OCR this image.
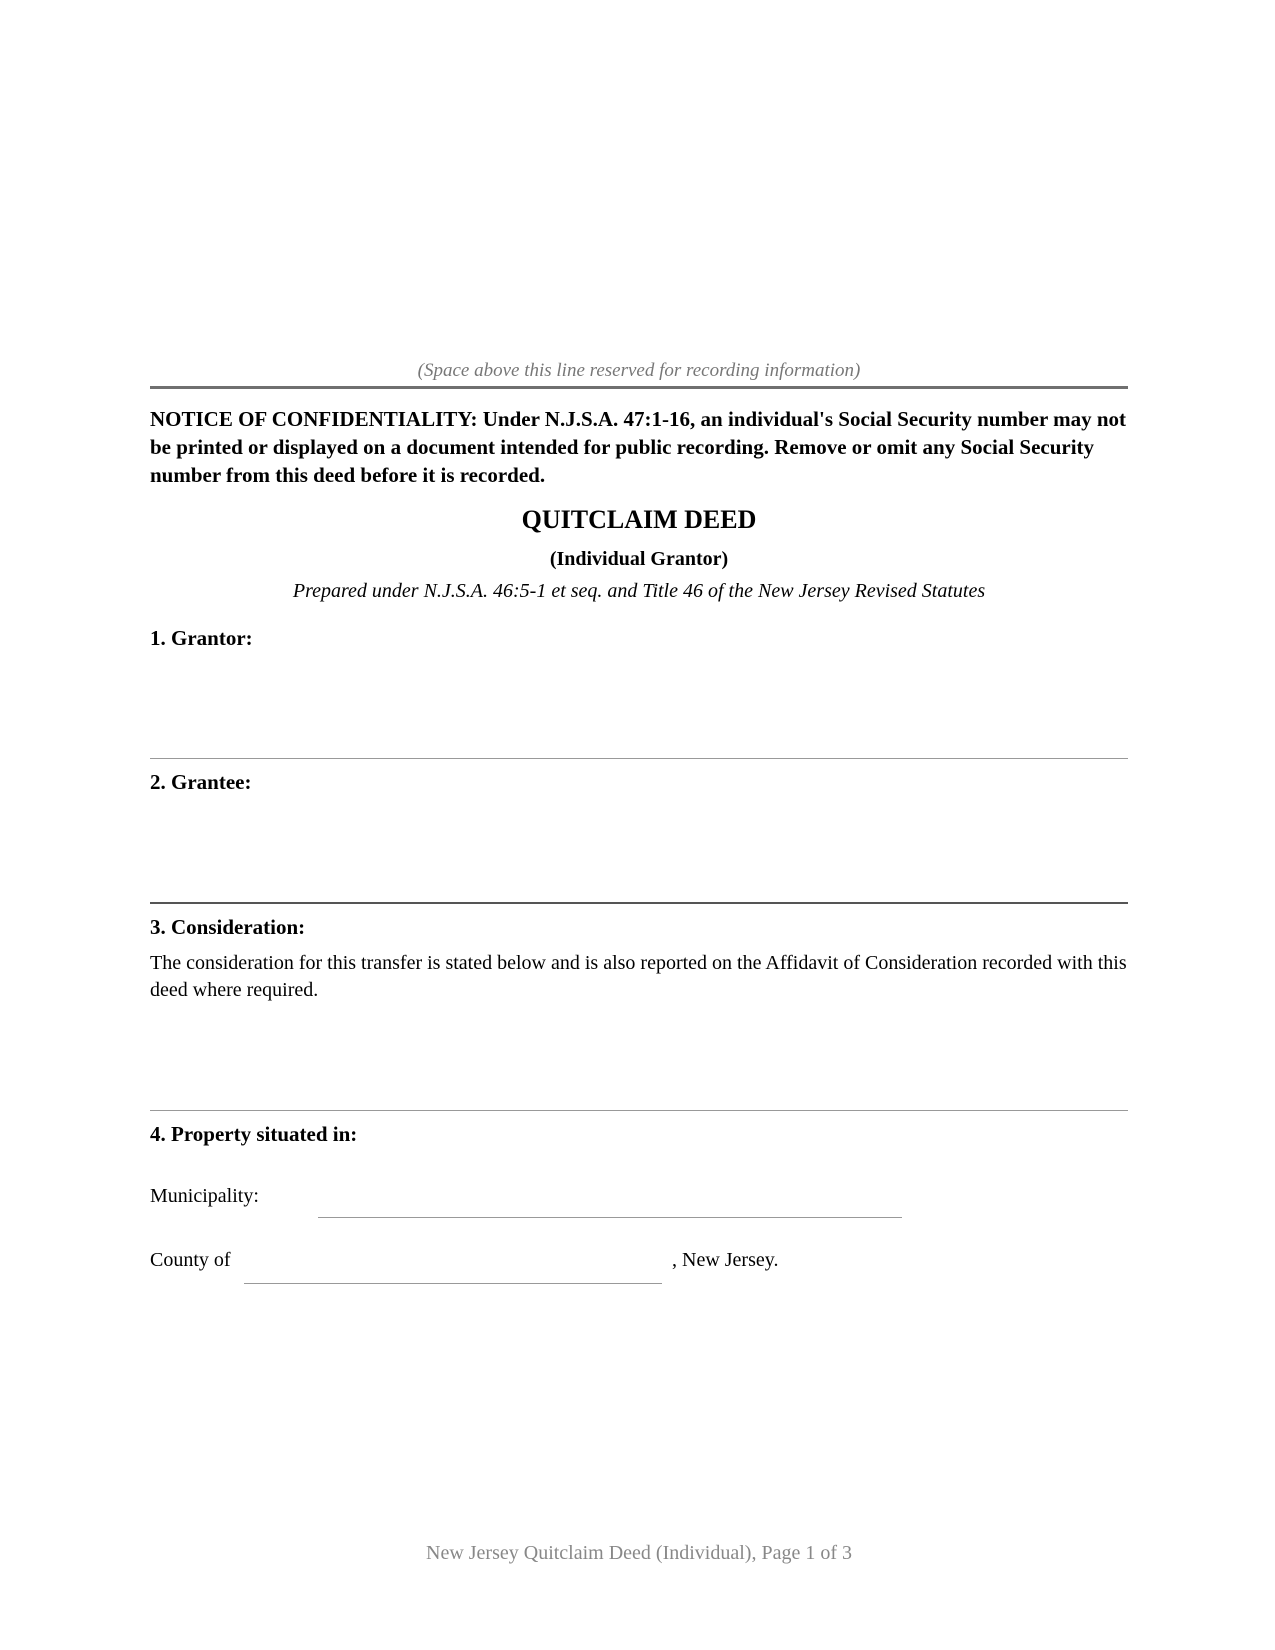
(Space above this line reserved for recording information)
NOTICE OF CONFIDENTIALITY: Under N.J.S.A. 47:1-16, an individual's Social Security number may not be printed or displayed on a document intended for public recording. Remove or omit any Social Security number from this deed before it is recorded.
QUITCLAIM DEED
(Individual Grantor)
Prepared under N.J.S.A. 46:5-1 et seq. and Title 46 of the New Jersey Revised Statutes
1. Grantor:
2. Grantee:
3. Consideration:
The consideration for this transfer is stated below and is also reported on the Affidavit of Consideration recorded with this deed where required.
4. Property situated in:
Municipality:
County of	, New Jersey.
New Jersey Quitclaim Deed (Individual), Page 1 of 3
